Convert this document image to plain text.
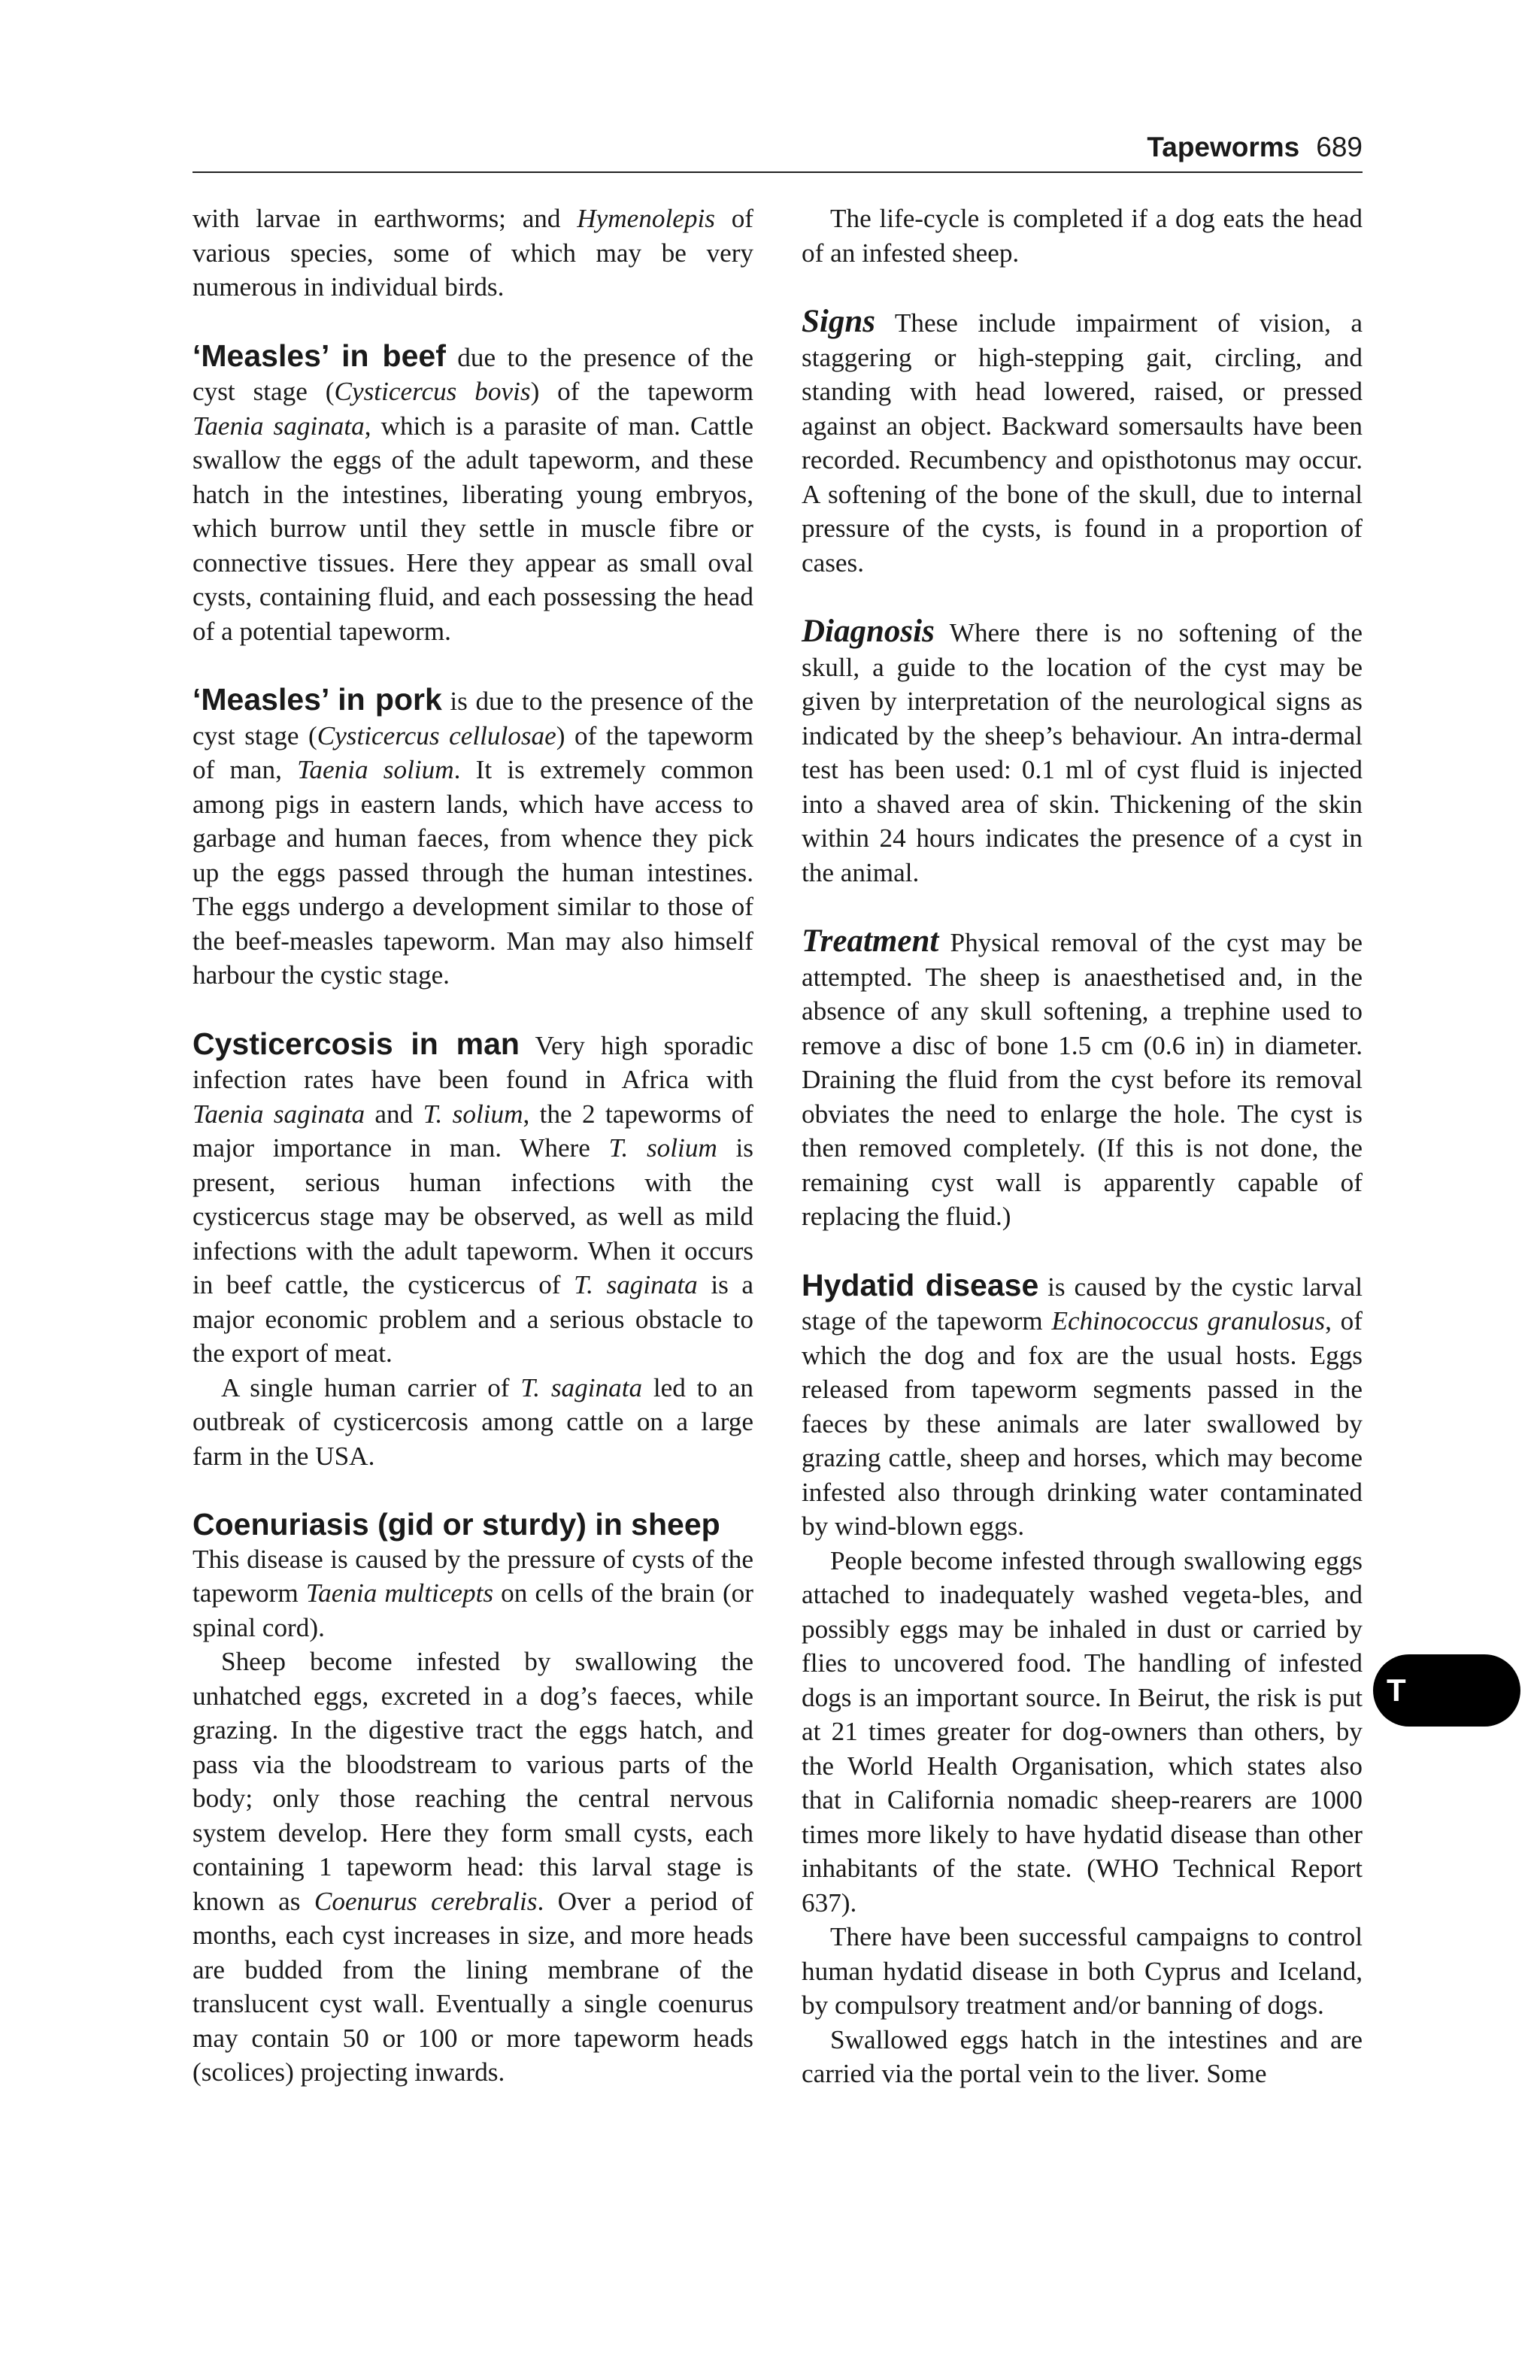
Tapeworms 689

with larvae in earthworms; and Hymenolepis of various species, some of which may be very numerous in individual birds.

‘Measles’ in beef due to the presence of the cyst stage (Cysticercus bovis) of the tapeworm Taenia saginata, which is a parasite of man. Cattle swallow the eggs of the adult tapeworm, and these hatch in the intestines, liberating young embryos, which burrow until they settle in muscle fibre or connective tissues. Here they appear as small oval cysts, containing fluid, and each possessing the head of a potential tapeworm.

‘Measles’ in pork is due to the presence of the cyst stage (Cysticercus cellulosae) of the tapeworm of man, Taenia solium. It is extremely common among pigs in eastern lands, which have access to garbage and human faeces, from whence they pick up the eggs passed through the human intestines. The eggs undergo a development similar to those of the beef-measles tapeworm. Man may also himself harbour the cystic stage.

Cysticercosis in man Very high sporadic infection rates have been found in Africa with Taenia saginata and T. solium, the 2 tapeworms of major importance in man. Where T. solium is present, serious human infections with the cysticercus stage may be observed, as well as mild infections with the adult tapeworm. When it occurs in beef cattle, the cysticercus of T. saginata is a major economic problem and a serious obstacle to the export of meat.

A single human carrier of T. saginata led to an outbreak of cysticercosis among cattle on a large farm in the USA.

Coenuriasis (gid or sturdy) in sheep
This disease is caused by the pressure of cysts of the tapeworm Taenia multicepts on cells of the brain (or spinal cord).

Sheep become infested by swallowing the unhatched eggs, excreted in a dog’s faeces, while grazing. In the digestive tract the eggs hatch, and pass via the bloodstream to various parts of the body; only those reaching the central nervous system develop. Here they form small cysts, each containing 1 tapeworm head: this larval stage is known as Coenurus cerebralis. Over a period of months, each cyst increases in size, and more heads are budded from the lining membrane of the translucent cyst wall. Eventually a single coenurus may contain 50 or 100 or more tapeworm heads (scolices) projecting inwards.

The life-cycle is completed if a dog eats the head of an infested sheep.

Signs These include impairment of vision, a staggering or high-stepping gait, circling, and standing with head lowered, raised, or pressed against an object. Backward somersaults have been recorded. Recumbency and opisthotonus may occur. A softening of the bone of the skull, due to internal pressure of the cysts, is found in a proportion of cases.

Diagnosis Where there is no softening of the skull, a guide to the location of the cyst may be given by interpretation of the neurological signs as indicated by the sheep’s behaviour. An intra-dermal test has been used: 0.1 ml of cyst fluid is injected into a shaved area of skin. Thickening of the skin within 24 hours indicates the presence of a cyst in the animal.

Treatment Physical removal of the cyst may be attempted. The sheep is anaesthetised and, in the absence of any skull softening, a trephine used to remove a disc of bone 1.5 cm (0.6 in) in diameter. Draining the fluid from the cyst before its removal obviates the need to enlarge the hole. The cyst is then removed completely. (If this is not done, the remaining cyst wall is apparently capable of replacing the fluid.)

Hydatid disease is caused by the cystic larval stage of the tapeworm Echinococcus granulosus, of which the dog and fox are the usual hosts. Eggs released from tapeworm segments passed in the faeces by these animals are later swallowed by grazing cattle, sheep and horses, which may become infested also through drinking water contaminated by wind-blown eggs.

People become infested through swallowing eggs attached to inadequately washed vegeta-bles, and possibly eggs may be inhaled in dust or carried by flies to uncovered food. The handling of infested dogs is an important source. In Beirut, the risk is put at 21 times greater for dog-owners than others, by the World Health Organisation, which states also that in California nomadic sheep-rearers are 1000 times more likely to have hydatid disease than other inhabitants of the state. (WHO Technical Report 637).

There have been successful campaigns to control human hydatid disease in both Cyprus and Iceland, by compulsory treatment and/or banning of dogs.

Swallowed eggs hatch in the intestines and are carried via the portal vein to the liver. Some

T
